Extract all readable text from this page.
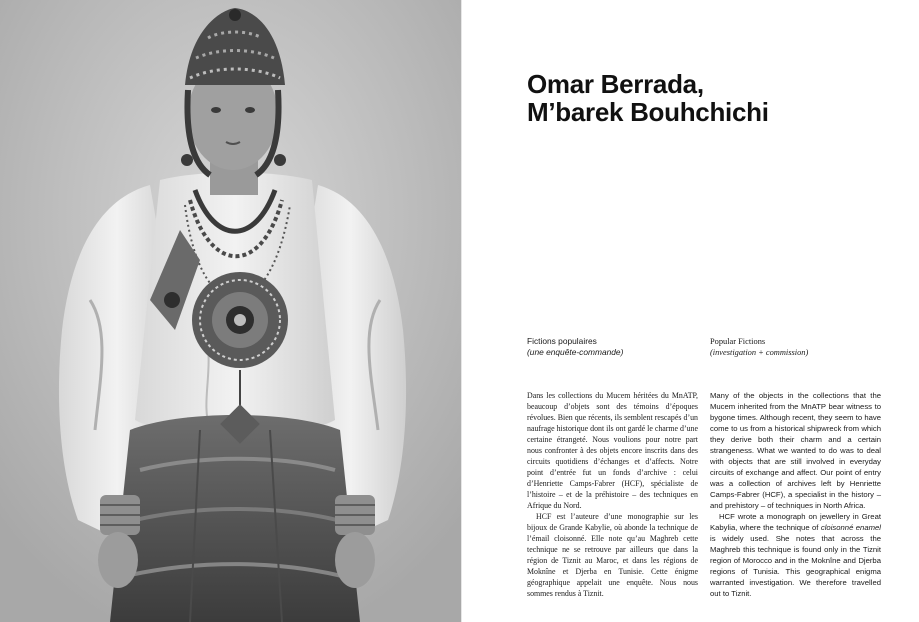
Omar Berrada,
M’barek Bouhchichi
Fictions populaires
(une enquête-commande)
Popular Fictions
(investigation + commission)

Dans les collections du Mucem héritées du MnATP, beaucoup d’objets sont des témoins d’époques révolues. Bien que récents, ils semblent rescapés d’un naufrage historique dont ils ont gardé le charme d’une certaine étrangeté. Nous voulions pour notre part nous confronter à des objets encore inscrits dans des circuits quotidiens d’échanges et d’affects. Notre point d’entrée fut un fonds d’archive : celui d’Henriette Camps-Fabrer (HCF), spécialiste de l’histoire – et de la préhistoire – des techniques en Afrique du Nord.

HCF est l’auteure d’une monographie sur les bijoux de Grande Kabylie, où abonde la technique de l’émail cloisonné. Elle note qu’au Maghreb cette technique ne se retrouve par ailleurs que dans la région de Tiznit au Maroc, et dans les régions de Moknîne et Djerba en Tunisie. Cette énigme géographique appelait une enquête. Nous nous sommes rendus à Tiznit.

Many of the objects in the collections that the Mucem inherited from the MnATP bear witness to bygone times. Although recent, they seem to have come to us from a historical shipwreck from which they derive both their charm and a certain strangeness. What we wanted to do was to deal with objects that are still involved in everyday circuits of exchange and affect. Our point of entry was a collection of archives left by Henriette Camps-Fabrer (HCF), a specialist in the history – and prehistory – of techniques in North Africa.

HCF wrote a monograph on jewellery in Great Kabylia, where the technique of cloisonné enamel is widely used. She notes that across the Maghreb this technique is found only in the Tiznit region of Morocco and in the Moknîne and Djerba regions of Tunisia. This geographical enigma warranted investigation. We therefore travelled out to Tiznit.
